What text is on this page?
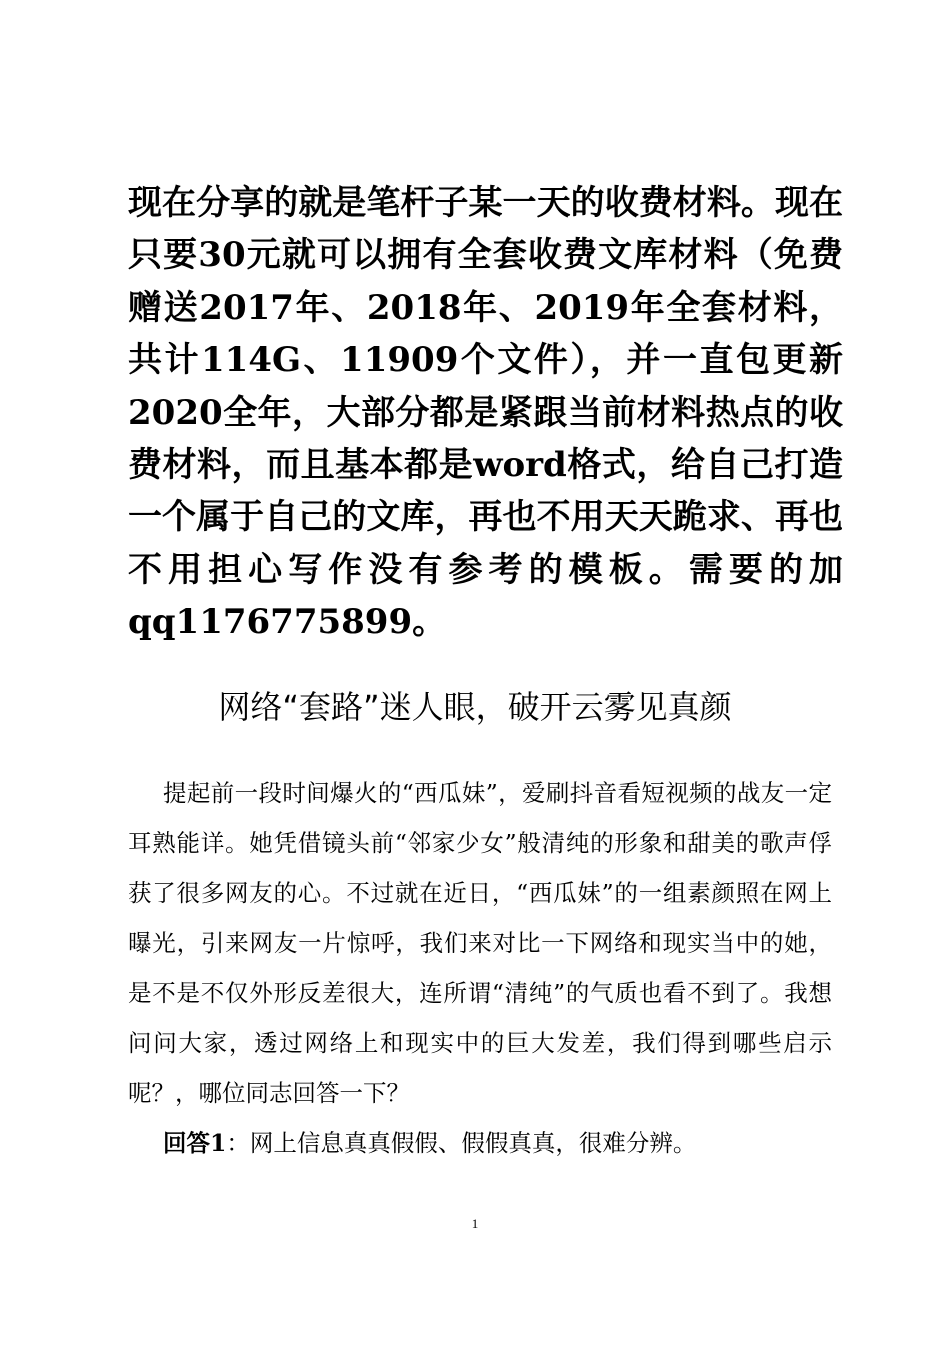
现在分享的就是笔杆子某一天的收费材料。现在只要30元就可以拥有全套收费文库材料（免费赠送2017年、2018年、2019年全套材料，共计114G、11909个文件），并一直包更新2020全年，大部分都是紧跟当前材料热点的收费材料，而且基本都是word格式，给自己打造一个属于自己的文库，再也不用天天跪求、再也不用担心写作没有参考的模板。需要的加qq1176775899。

网络“套路”迷人眼，破开云雾见真颜

提起前一段时间爆火的“西瓜妹”，爱刷抖音看短视频的战友一定耳熟能详。她凭借镜头前“邻家少女”般清纯的形象和甜美的歌声俘获了很多网友的心。不过就在近日，“西瓜妹”的一组素颜照在网上曝光，引来网友一片惊呼，我们来对比一下网络和现实当中的她，是不是不仅外形反差很大，连所谓“清纯”的气质也看不到了。我想问问大家，透过网络上和现实中的巨大发差，我们得到哪些启示呢？，哪位同志回答一下？

回答1：网上信息真真假假、假假真真，很难分辨。

1
